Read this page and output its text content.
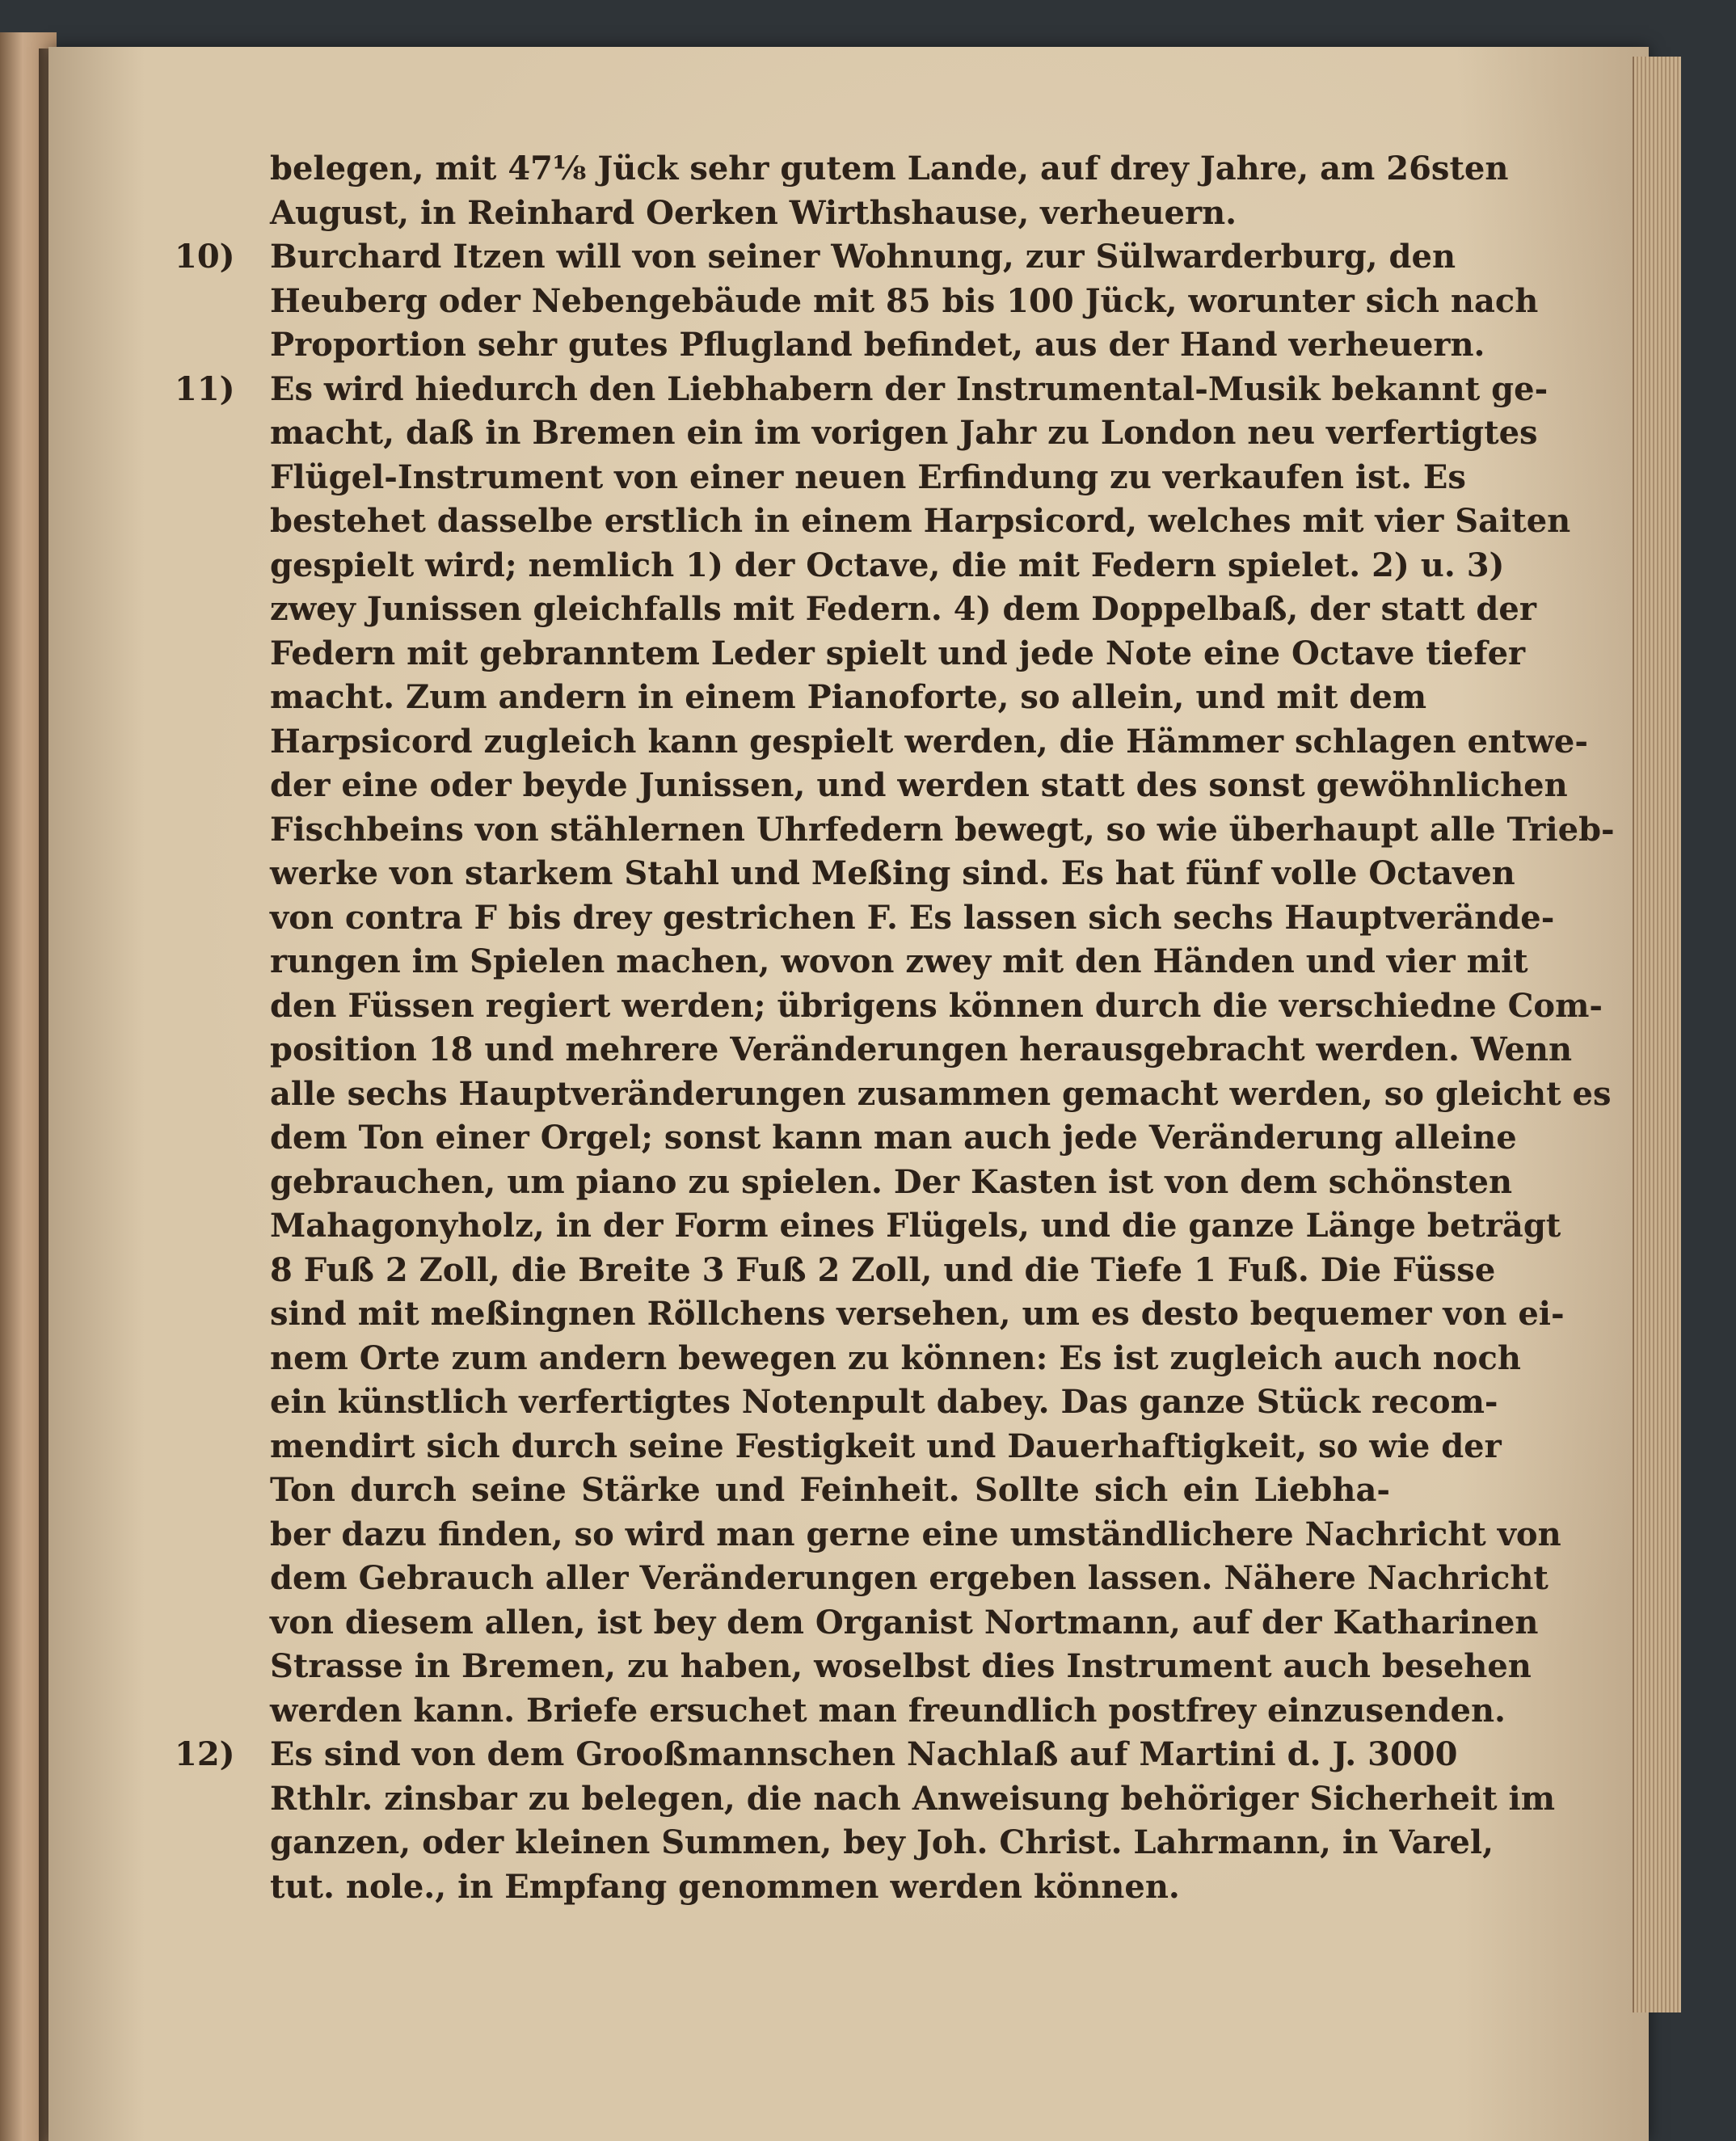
belegen, mit 47⅛ Jück sehr gutem Lande, auf drey Jahre, am 26sten
August, in Reinhard Oerken Wirthshause, verheuern.
10) Burchard Itzen will von seiner Wohnung, zur Sülwarderburg, den
Heuberg oder Nebengebäude mit 85 bis 100 Jück, worunter sich nach
Proportion sehr gutes Pflugland befindet, aus der Hand verheuern.
11) Es wird hiedurch den Liebhabern der Instrumental-Musik bekannt ge-
macht, daß in Bremen ein im vorigen Jahr zu London neu verfertigtes
Flügel-Instrument von einer neuen Erfindung zu verkaufen ist. Es
bestehet dasselbe erstlich in einem Harpsicord, welches mit vier Saiten
gespielt wird; nemlich 1) der Octave, die mit Federn spielet. 2) u. 3)
zwey Junissen gleichfalls mit Federn. 4) dem Doppelbaß, der statt der
Federn mit gebranntem Leder spielt und jede Note eine Octave tiefer
macht. Zum andern in einem Pianoforte, so allein, und mit dem
Harpsicord zugleich kann gespielt werden, die Hämmer schlagen entwe-
der eine oder beyde Junissen, und werden statt des sonst gewöhnlichen
Fischbeins von stählernen Uhrfedern bewegt, so wie überhaupt alle Trieb-
werke von starkem Stahl und Meßing sind. Es hat fünf volle Octaven
von contra F bis drey gestrichen F. Es lassen sich sechs Hauptverände-
rungen im Spielen machen, wovon zwey mit den Händen und vier mit
den Füssen regiert werden; übrigens können durch die verschiedne Com-
position 18 und mehrere Veränderungen herausgebracht werden. Wenn
alle sechs Hauptveränderungen zusammen gemacht werden, so gleicht es
dem Ton einer Orgel; sonst kann man auch jede Veränderung alleine
gebrauchen, um piano zu spielen. Der Kasten ist von dem schönsten
Mahagonyholz, in der Form eines Flügels, und die ganze Länge beträgt
8 Fuß 2 Zoll, die Breite 3 Fuß 2 Zoll, und die Tiefe 1 Fuß. Die Füsse
sind mit meßingnen Röllchens versehen, um es desto bequemer von ei-
nem Orte zum andern bewegen zu können: Es ist zugleich auch noch
ein künstlich verfertigtes Notenpult dabey. Das ganze Stück recom-
mendirt sich durch seine Festigkeit und Dauerhaftigkeit, so wie der
Ton durch seine Stärke und Feinheit. Sollte sich ein Liebha-
ber dazu finden, so wird man gerne eine umständlichere Nachricht von
dem Gebrauch aller Veränderungen ergeben lassen. Nähere Nachricht
von diesem allen, ist bey dem Organist Nortmann, auf der Katharinen
Strasse in Bremen, zu haben, woselbst dies Instrument auch besehen
werden kann. Briefe ersuchet man freundlich postfrey einzusenden.
12) Es sind von dem Grooßmannschen Nachlaß auf Martini d. J. 3000
Rthlr. zinsbar zu belegen, die nach Anweisung behöriger Sicherheit im
ganzen, oder kleinen Summen, bey Joh. Christ. Lahrmann, in Varel,
tut. nole., in Empfang genommen werden können.
